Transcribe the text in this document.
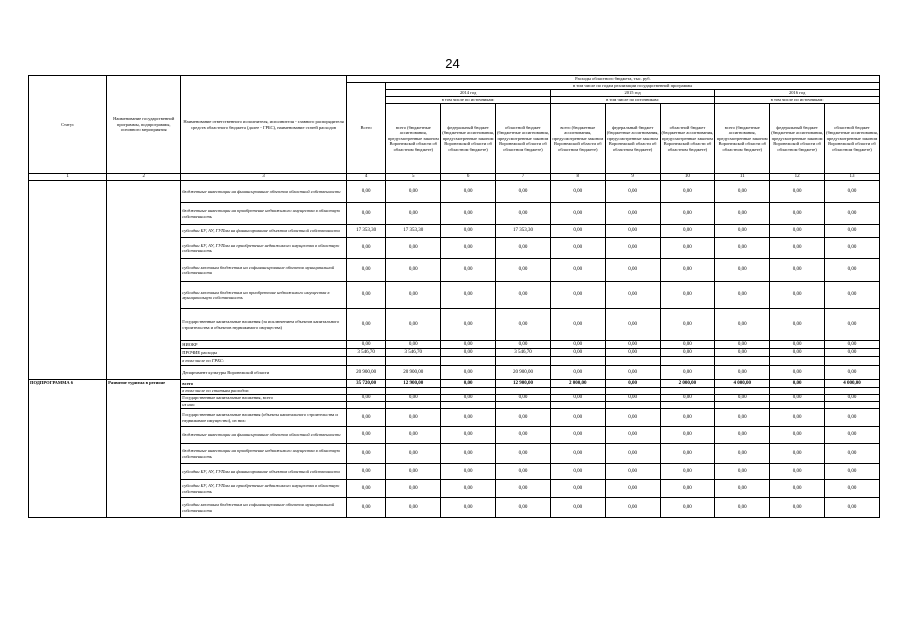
24
Статус	Наименование государственной программы, подпрограммы, основного мероприятия	Наименование ответственного исполнителя, исполнителя - главного распорядителя средств областного бюджета (далее - ГРБС), наименование статей расходов	Расходы областного бюджета, тыс. руб.									
			Всего	в том числе по годам реализации государственной программы								
				2014 год			2015 год			2016 год		
				в том числе по источникам:			в том числе по источникам:			в том числе по источникам:		
				всего (бюджетные ассигнования, предусмотренные законом Воронежской области об областном бюджете)	федеральный бюджет (бюджетные ассигнования, предусмотренные законом Воронежской области об областном бюджете)	областной бюджет (бюджетные ассигнования, предусмотренные законом Воронежской области об областном бюджете)	всего (бюджетные ассигнования, предусмотренные законом Воронежской области об областном бюджете)	федеральный бюджет (бюджетные ассигнования, предусмотренные законом Воронежской области об областном бюджете)	областной бюджет (бюджетные ассигнования, предусмотренные законом Воронежской области об областном бюджете)	всего (бюджетные ассигнования, предусмотренные законом Воронежской области об областном бюджете)	федеральный бюджет (бюджетные ассигнования, предусмотренные законом Воронежской области об областном бюджете)	областной бюджет (бюджетные ассигнования, предусмотренные законом Воронежской области об областном бюджете)
1	2	3	4	5	6	7	8	9	10	11	12	13
		бюджетные инвестиции на финансирование объектов областной собственности	0,00	0,00	0,00	0,00	0,00	0,00	0,00	0,00	0,00	0,00
		бюджетные инвестиции на приобретение недвижимого имущества в областную собственность	0,00	0,00	0,00	0,00	0,00	0,00	0,00	0,00	0,00	0,00
		субсидии БУ, АУ, ГУПам на финансирование объектов областной собственности	17 353,30	17 353,30	0,00	17 353,30	0,00	0,00	0,00	0,00	0,00	0,00
		субсидии БУ, АУ, ГУПам на приобретение недвижимого имущества в областную собственность	0,00	0,00	0,00	0,00	0,00	0,00	0,00	0,00	0,00	0,00
		субсидии местным бюджетам на софинансирование объектов муниципальной собственности	0,00	0,00	0,00	0,00	0,00	0,00	0,00	0,00	0,00	0,00
		субсидии местным бюджетам на приобретение недвижимого имущества в муниципальную собственность	0,00	0,00	0,00	0,00	0,00	0,00	0,00	0,00	0,00	0,00
		Государственные капитальные вложения (за исключением объектов капитального строительства и объектов недвижимого имущества)	0,00	0,00	0,00	0,00	0,00	0,00	0,00	0,00	0,00	0,00
		НИОКР	0,00	0,00	0,00	0,00	0,00	0,00	0,00	0,00	0,00	0,00
		ПРОЧИЕ расходы	3 546,70	3 546,70	0,00	3 546,70	0,00	0,00	0,00	0,00	0,00	0,00
		в том числе по ГРБС:										
		Департамент культуры Воронежской области	20 900,00	20 900,00	0,00	20 900,00	0,00	0,00	0,00	0,00	0,00	0,00
ПОДПРОГРАММА 6	Развитие туризма в регионе	всего	35 720,00	12 900,00	0,00	12 900,00	2 000,00	0,00	2 000,00	4 000,00	0,00	4 000,00
		в том числе по статьям расходов:										
		Государственные капитальные вложения, всего	0,00	0,00	0,00	0,00	0,00	0,00	0,00	0,00	0,00	0,00
		из них:										
		Государственные капитальные вложения (объекты капитального строительства и недвижимое имущество), из них:	0,00	0,00	0,00	0,00	0,00	0,00	0,00	0,00	0,00	0,00
		бюджетные инвестиции на финансирование объектов областной собственности	0,00	0,00	0,00	0,00	0,00	0,00	0,00	0,00	0,00	0,00
		бюджетные инвестиции на приобретение недвижимого имущества в областную собственность	0,00	0,00	0,00	0,00	0,00	0,00	0,00	0,00	0,00	0,00
		субсидии БУ, АУ, ГУПам на финансирование объектов областной собственности	0,00	0,00	0,00	0,00	0,00	0,00	0,00	0,00	0,00	0,00
		субсидии БУ, АУ, ГУПам на приобретение недвижимого имущества в областную собственность	0,00	0,00	0,00	0,00	0,00	0,00	0,00	0,00	0,00	0,00
		субсидии местным бюджетам на софинансирование объектов муниципальной собственности	0,00	0,00	0,00	0,00	0,00	0,00	0,00	0,00	0,00	0,00
